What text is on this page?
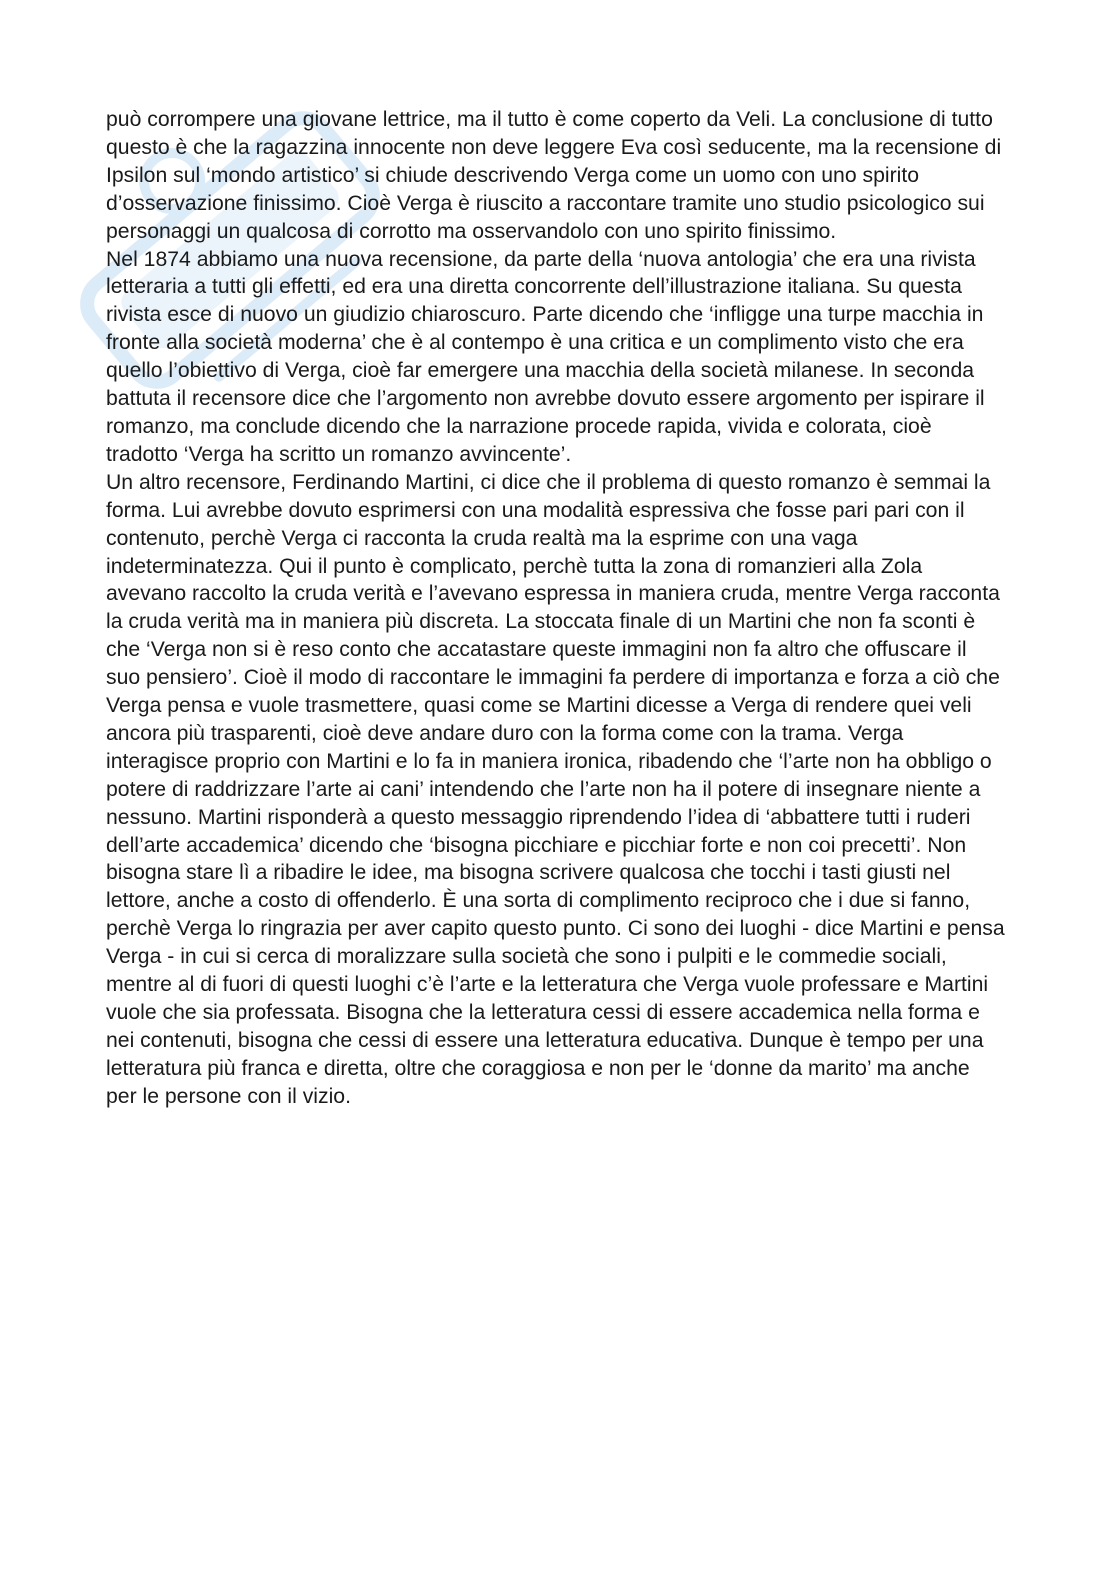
può corrompere una giovane lettrice, ma il tutto è come coperto da Veli. La conclusione di tutto questo è che la ragazzina innocente non deve leggere Eva così seducente, ma la recensione di Ipsilon sul ‘mondo artistico’ si chiude descrivendo Verga come un uomo con uno spirito d’osservazione finissimo. Cioè Verga è riuscito a raccontare tramite uno studio psicologico sui personaggi un qualcosa di corrotto ma osservandolo con uno spirito finissimo.

Nel 1874 abbiamo una nuova recensione, da parte della ‘nuova antologia’ che era una rivista letteraria a tutti gli effetti, ed era una diretta concorrente dell’illustrazione italiana. Su questa rivista esce di nuovo un giudizio chiaroscuro. Parte dicendo che ‘infligge una turpe macchia in fronte alla società moderna’ che è al contempo è una critica e un complimento visto che era quello l’obiettivo di Verga, cioè far emergere una macchia della società milanese. In seconda battuta il recensore dice che l’argomento non avrebbe dovuto essere argomento per ispirare il romanzo, ma conclude dicendo che la narrazione procede rapida, vivida e colorata, cioè tradotto ‘Verga ha scritto un romanzo avvincente’.

Un altro recensore, Ferdinando Martini, ci dice che il problema di questo romanzo è semmai la forma. Lui avrebbe dovuto esprimersi con una modalità espressiva che fosse pari pari con il contenuto, perchè Verga ci racconta la cruda realtà ma la esprime con una vaga indeterminatezza. Qui il punto è complicato, perchè tutta la zona di romanzieri alla Zola avevano raccolto la cruda verità e l’avevano espressa in maniera cruda, mentre Verga racconta la cruda verità ma in maniera più discreta. La stoccata finale di un Martini che non fa sconti è che ‘Verga non si è reso conto che accatastare queste immagini non fa altro che offuscare il suo pensiero’. Cioè il modo di raccontare le immagini fa perdere di importanza e forza a ciò che Verga pensa e vuole trasmettere, quasi come se Martini dicesse a Verga di rendere quei veli ancora più trasparenti, cioè deve andare duro con la forma come con la trama. Verga interagisce proprio con Martini e lo fa in maniera ironica, ribadendo che ‘l’arte non ha obbligo o potere di raddrizzare l’arte ai cani’ intendendo che l’arte non ha il potere di insegnare niente a nessuno. Martini risponderà a questo messaggio riprendendo l’idea di ‘abbattere tutti i ruderi dell’arte accademica’ dicendo che ‘bisogna picchiare e picchiar forte e non coi precetti’. Non bisogna stare lì a ribadire le idee, ma bisogna scrivere qualcosa che tocchi i tasti giusti nel lettore, anche a costo di offenderlo. È una sorta di complimento reciproco che i due si fanno, perchè Verga lo ringrazia per aver capito questo punto. Ci sono dei luoghi - dice Martini e pensa Verga - in cui si cerca di moralizzare sulla società che sono i pulpiti e le commedie sociali, mentre al di fuori di questi luoghi c’è l’arte e la letteratura che Verga vuole professare e Martini vuole che sia professata. Bisogna che la letteratura cessi di essere accademica nella forma e nei contenuti, bisogna che cessi di essere una letteratura educativa. Dunque è tempo per una letteratura più franca e diretta, oltre che coraggiosa e non per le ‘donne da marito’ ma anche per le persone con il vizio.
